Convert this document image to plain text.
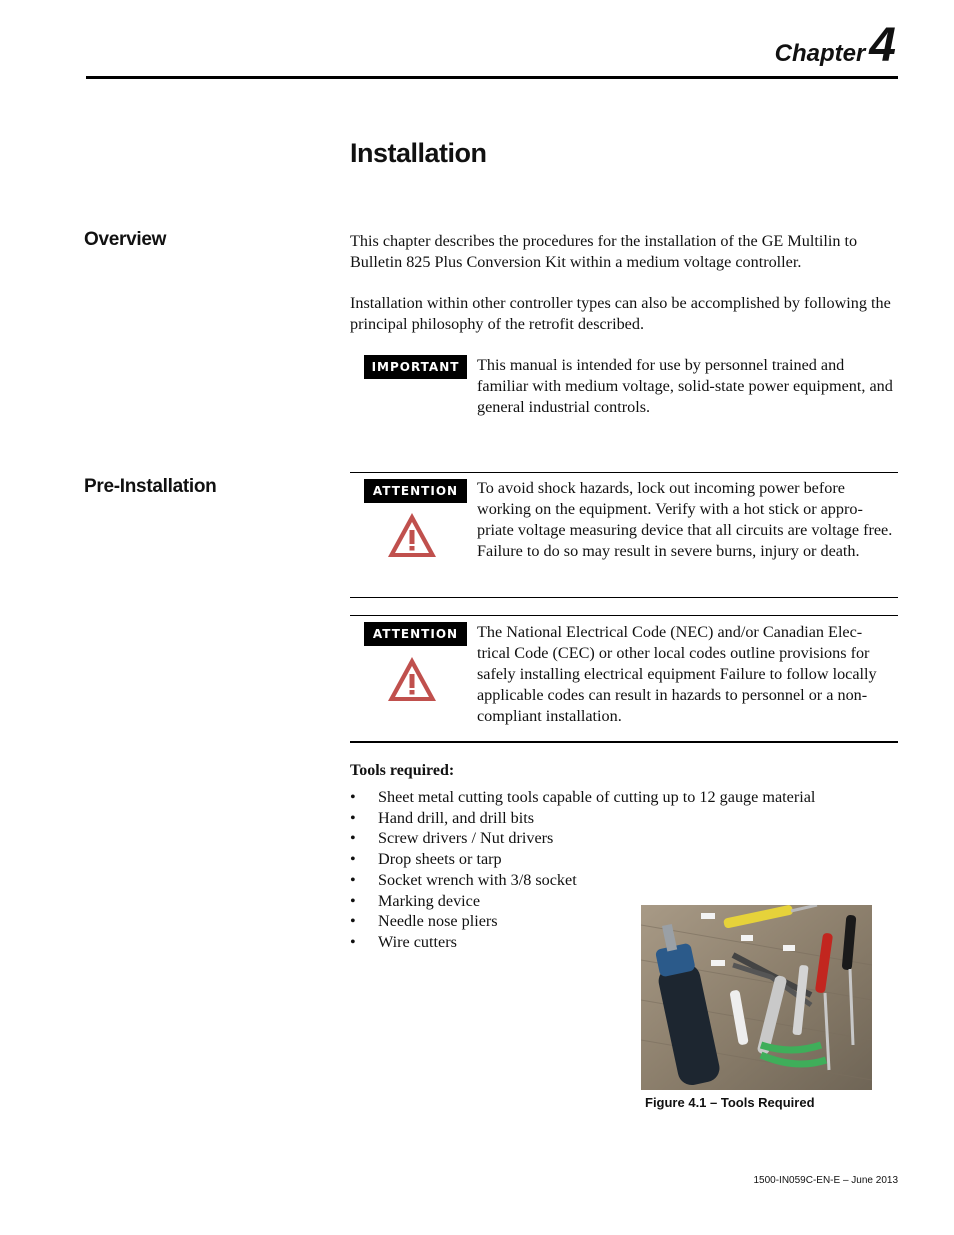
Chapter4
Installation
Overview	This chapter describes the procedures for the installation of the GE Multilin to Bulletin 825 Plus Conversion Kit within a medium voltage controller.

Installation within other controller types can also be accomplished by following the principal philosophy of the retrofit described.

IMPORTANT	This manual is intended for use by personnel trained and familiar with medium voltage, solid-state power equipment, and general industrial controls.

Pre-Installation	ATTENTION	To avoid shock hazards, lock out incoming power before working on the equipment. Verify with a hot stick or appro-priate voltage measuring device that all circuits are voltage free. Failure to do so may result in severe burns, injury or death.

ATTENTION	The National Electrical Code (NEC) and/or Canadian Elec-trical Code (CEC) or other local codes outline provisions for safely installing electrical equipment Failure to follow locally applicable codes can result in hazards to personnel or a non-compliant installation.

Tools required:
• Sheet metal cutting tools capable of cutting up to 12 gauge material
• Hand drill, and drill bits
• Screw drivers / Nut drivers
• Drop sheets or tarp
• Socket wrench with 3/8 socket
• Marking device
• Needle nose pliers
• Wire cutters
Figure 4.1 – Tools Required
1500-IN059C-EN-E – June 2013
